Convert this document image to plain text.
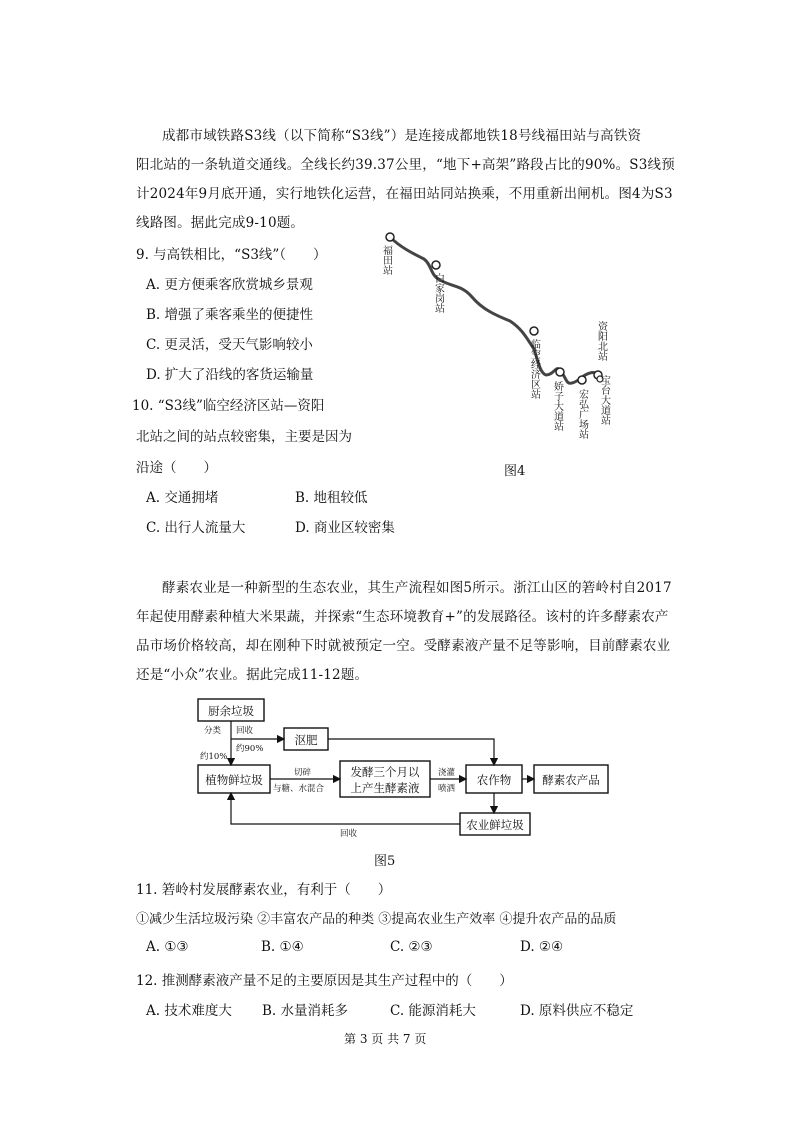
成都市域铁路S3线（以下简称“S3线”）是连接成都地铁18号线福田站与高铁资
阳北站的一条轨道交通线。全线长约39.37公里，“地下+高架”路段占比的90%。S3线预
计2024年9月底开通，实行地铁化运营，在福田站同站换乘，不用重新出闸机。图4为S3
线路图。据此完成9-10题。
9. 与高铁相比，“S3线”（　　）
A. 更方便乘客欣赏城乡景观
B. 增强了乘客乘坐的便捷性
C. 更灵活，受天气影响较小
D. 扩大了沿线的客货运输量
10. “S3线”临空经济区站—资阳
北站之间的站点较密集，主要是因为
沿途（　　）
A. 交通拥堵	B. 地租较低
C. 出行人流量大	D. 商业区较密集
福田站
白家岗站
临空经济区站
娇子大道站 宏弘广场站 宝台大道站
资阳北站
图4
酵素农业是一种新型的生态农业，其生产流程如图5所示。浙江山区的箬岭村自2017
年起使用酵素种植大米果蔬，并探索“生态环境教育+”的发展路径。该村的许多酵素农产
品市场价格较高，却在刚种下时就被预定一空。受酵素液产量不足等影响，目前酵素农业
还是“小众”农业。据此完成11-12题。
厨余垃圾
沤肥
植物鲜垃圾
发酵三个月以
上产生酵素液
农作物	酵素农产品
农业鲜垃圾
分类 回收
约90%
约10%
切碎
与糖、水混合
浇灌
喷洒
回收
图5
11. 箬岭村发展酵素农业，有利于（　　）
①减少生活垃圾污染 ②丰富农产品的种类 ③提高农业生产效率 ④提升农产品的品质
A. ①③	B. ①④	C. ②③	D. ②④
12. 推测酵素液产量不足的主要原因是其生产过程中的（　　）
A. 技术难度大 B. 水量消耗多	C. 能源消耗大	D. 原料供应不稳定
第 3 页 共 7 页
